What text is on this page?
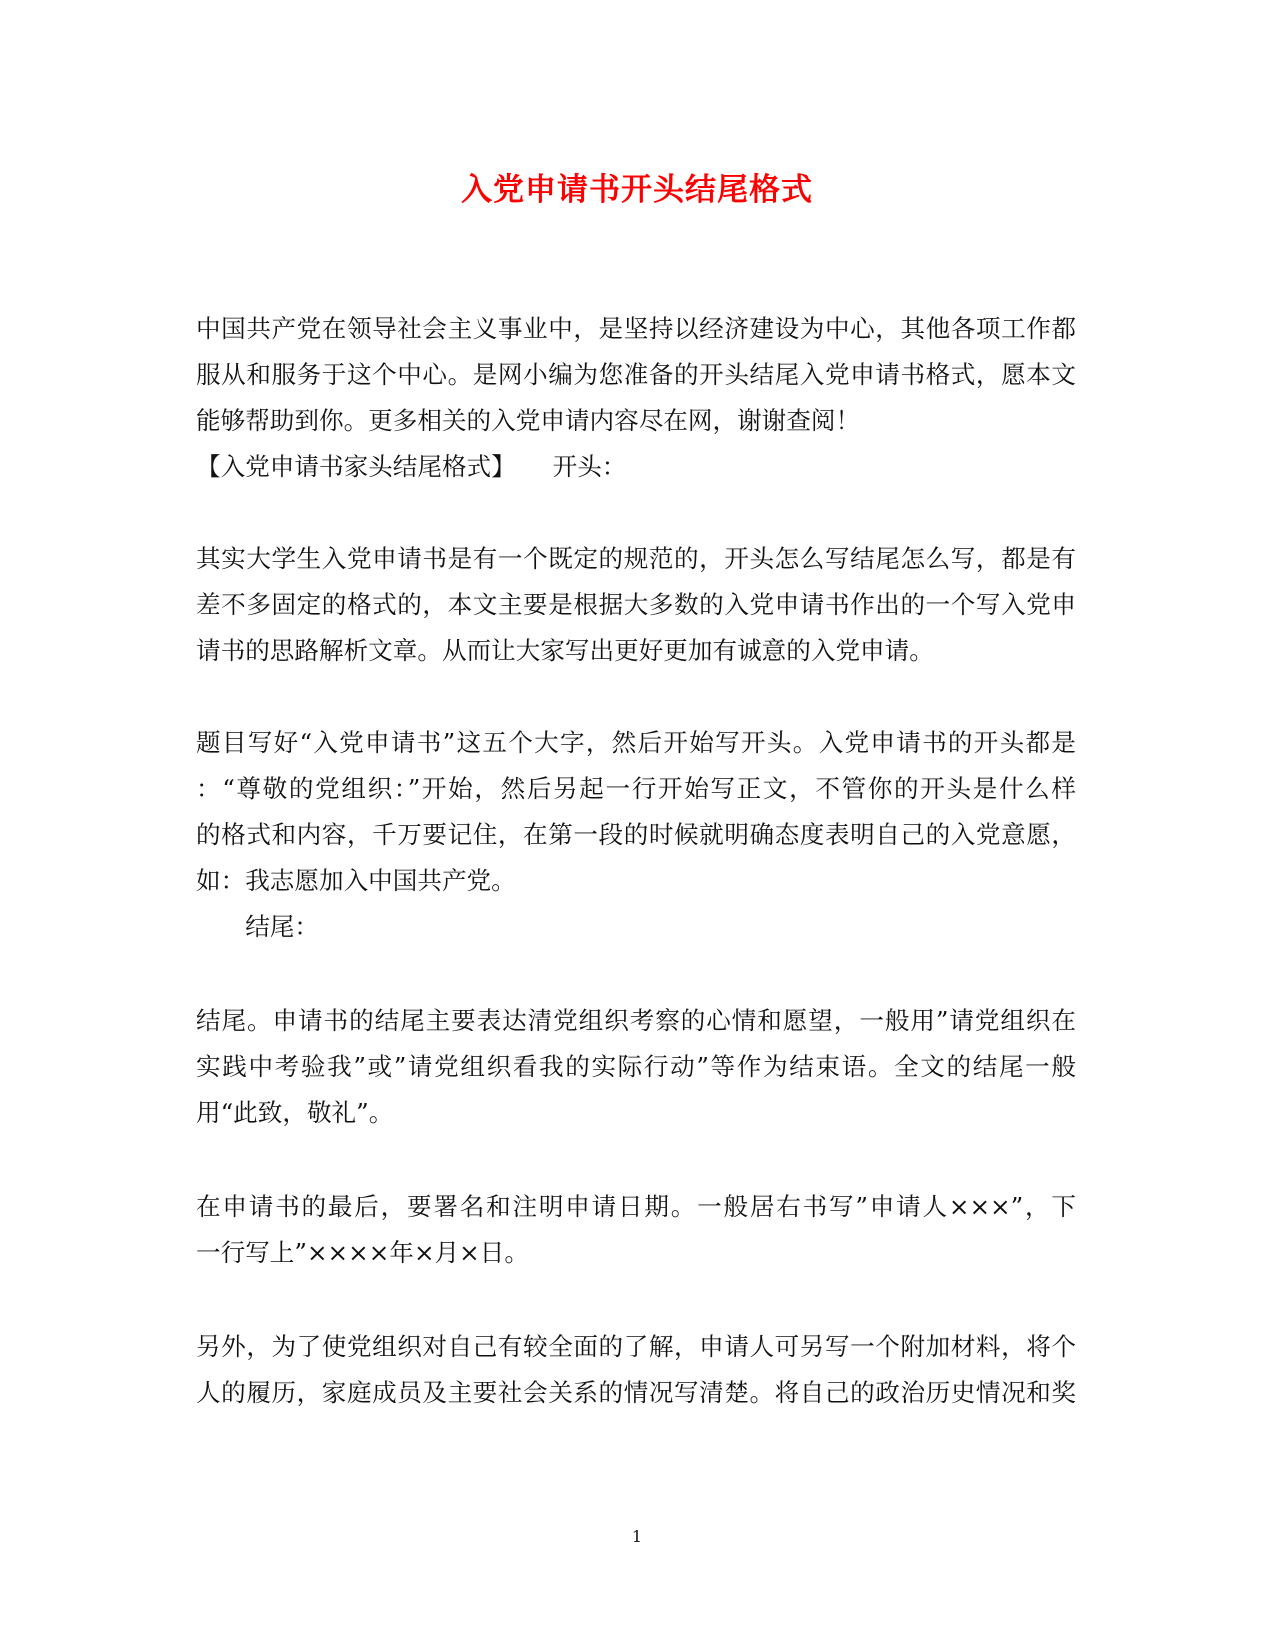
入党申请书开头结尾格式
中国共产党在领导社会主义事业中，是坚持以经济建设为中心，其他各项工作都
服从和服务于这个中心。是网小编为您准备的开头结尾入党申请书格式，愿本文
能够帮助到你。更多相关的入党申请内容尽在网，谢谢查阅！
【入党申请书家头结尾格式】　　开头：
其实大学生入党申请书是有一个既定的规范的，开头怎么写结尾怎么写，都是有
差不多固定的格式的，本文主要是根据大多数的入党申请书作出的一个写入党申
请书的思路解析文章。从而让大家写出更好更加有诚意的入党申请。
题目写好“入党申请书”这五个大字，然后开始写开头。入党申请书的开头都是
：“尊敬的党组织：”开始，然后另起一行开始写正文，不管你的开头是什么样
的格式和内容，千万要记住，在第一段的时候就明确态度表明自己的入党意愿，
如：我志愿加入中国共产党。
　　结尾：
结尾。申请书的结尾主要表达清党组织考察的心情和愿望，一般用”请党组织在
实践中考验我”或”请党组织看我的实际行动”等作为结束语。全文的结尾一般
用“此致，敬礼”。
在申请书的最后，要署名和注明申请日期。一般居右书写”申请人×××”，下
一行写上”××××年×月×日。
另外，为了使党组织对自己有较全面的了解，申请人可另写一个附加材料，将个
人的履历，家庭成员及主要社会关系的情况写清楚。将自己的政治历史情况和奖
1
